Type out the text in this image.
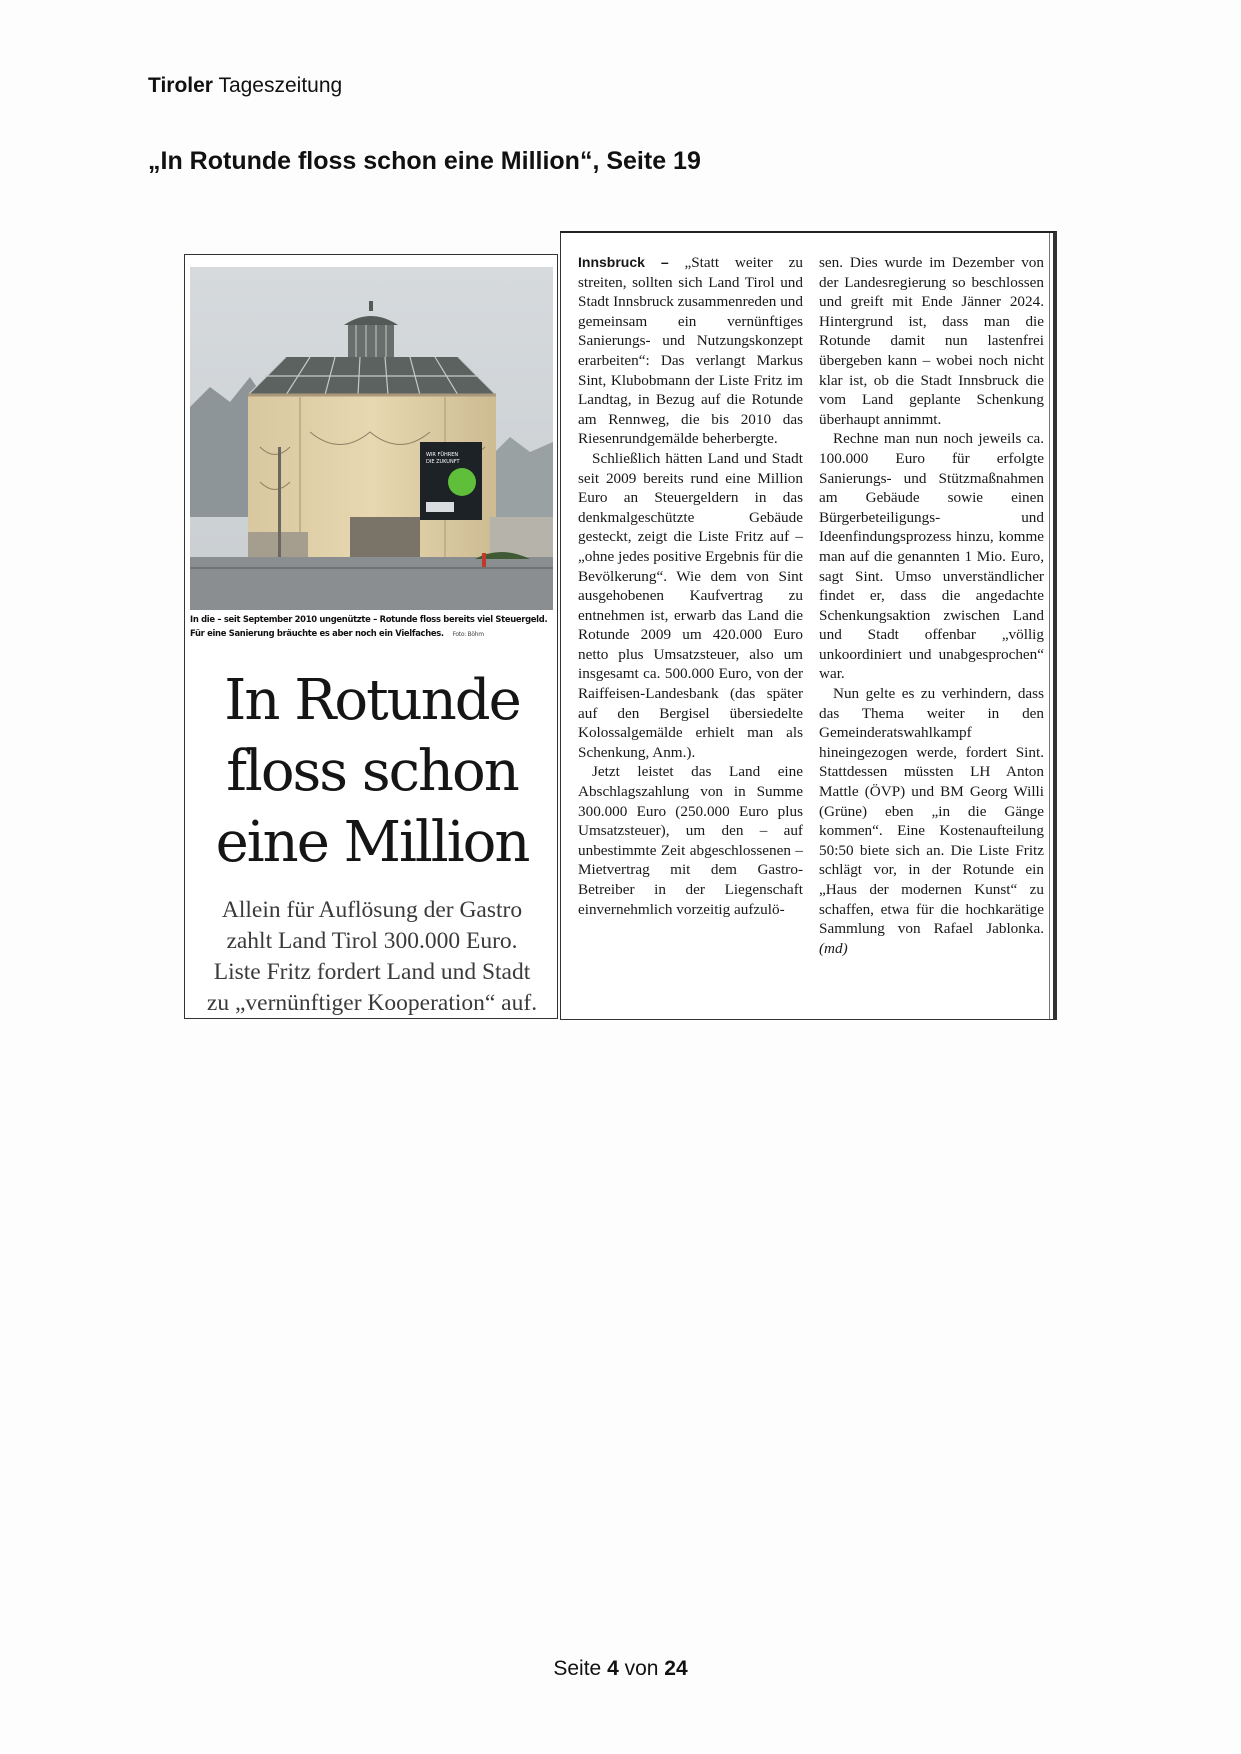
Tiroler Tageszeitung
„In Rotunde floss schon eine Million“, Seite 19
WIR FÜHREN
DIE ZUKUNFT
In die – seit September 2010 ungenützte – Rotunde floss bereits viel Steuergeld. Für eine Sanierung bräuchte es aber noch ein Vielfaches. Foto: Böhm
In Rotunde
floss schon
eine Million
Allein für Auflösung der Gastro
zahlt Land Tirol 300.000 Euro.
Liste Fritz fordert Land und Stadt
zu „vernünftiger Kooperation“ auf.

Innsbruck – „Statt weiter zu streiten, sollten sich Land Tirol und Stadt Innsbruck zusammenreden und gemeinsam ein vernünftiges Sanierungs- und Nutzungskonzept erarbeiten“: Das verlangt Markus Sint, Klubobmann der Liste Fritz im Landtag, in Bezug auf die Rotunde am Rennweg, die bis 2010 das Riesenrundgemälde beherbergte.

Schließlich hätten Land und Stadt seit 2009 bereits rund eine Million Euro an Steuergeldern in das denkmalgeschützte Gebäude gesteckt, zeigt die Liste Fritz auf – „ohne jedes positive Ergebnis für die Bevölkerung“. Wie dem von Sint ausgehobenen Kaufvertrag zu entnehmen ist, erwarb das Land die Rotunde 2009 um 420.000 Euro netto plus Umsatzsteuer, also um insgesamt ca. 500.000 Euro, von der Raiffeisen-Landesbank (das später auf den Bergisel übersiedelte Kolossalgemälde erhielt man als Schenkung, Anm.).

Jetzt leistet das Land eine Abschlagszahlung von in Summe 300.000 Euro (250.000 Euro plus Umsatzsteuer), um den – auf unbestimmte Zeit abgeschlossenen – Mietvertrag mit dem Gastro-Betreiber in der Liegenschaft einvernehmlich vorzeitig aufzulö-

sen. Dies wurde im Dezember von der Landesregierung so beschlossen und greift mit Ende Jänner 2024. Hintergrund ist, dass man die Rotunde damit nun lastenfrei übergeben kann – wobei noch nicht klar ist, ob die Stadt Innsbruck die vom Land geplante Schenkung überhaupt annimmt.

Rechne man nun noch jeweils ca. 100.000 Euro für erfolgte Sanierungs- und Stützmaßnahmen am Gebäude sowie einen Bürgerbeteiligungs- und Ideenfindungsprozess hinzu, komme man auf die genannten 1 Mio. Euro, sagt Sint. Umso unverständlicher findet er, dass die angedachte Schenkungsaktion zwischen Land und Stadt offenbar „völlig unkoordiniert und unabgesprochen“ war.

Nun gelte es zu verhindern, dass das Thema weiter in den Gemeinderatswahlkampf hineingezogen werde, fordert Sint. Stattdessen müssten LH Anton Mattle (ÖVP) und BM Georg Willi (Grüne) eben „in die Gänge kommen“. Eine Kostenaufteilung 50:50 biete sich an. Die Liste Fritz schlägt vor, in der Rotunde ein „Haus der modernen Kunst“ zu schaffen, etwa für die hochkarätige Sammlung von Rafael Jablonka. (md)

Seite 4 von 24
